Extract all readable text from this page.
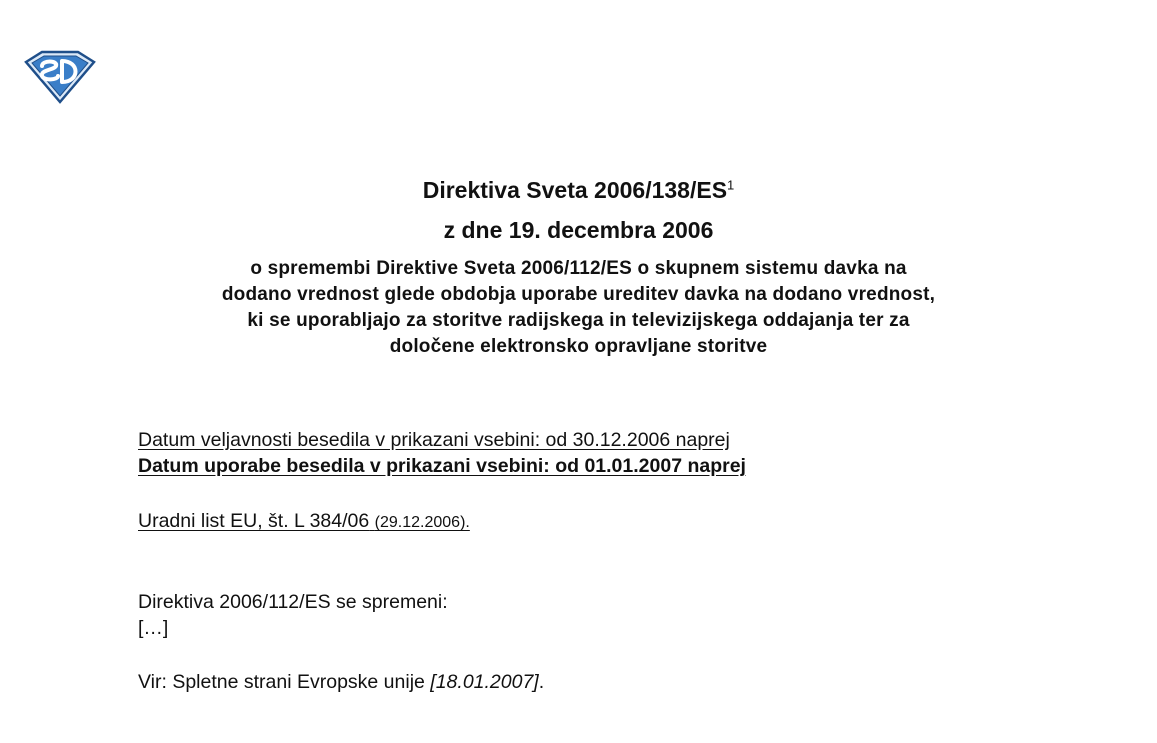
Direktiva Sveta $2006/138/ES^1$
z dne 19. decembra 2006
o spremembi Direktive Sveta 2006/112/ES o skupnem sistemu davka na
dodano vrednost glede obdobja uporabe ureditev davka na dodano vrednost,
ki se uporabljajo za storitve radijskega in televizijskega oddajanja ter za
določene elektronsko opravljane storitve
Datum veljavnosti besedila v prikazani vsebini: od 30.12.2006 naprej
Datum uporabe besedila v prikazani vsebini: od 01.01.2007 naprej
Uradni list EU, št. L 384/06 (29.12.2006).
Direktiva 2006/112/ES se spremeni:
[…]
Vir: Spletne strani Evropske unije [18.01.2007].
